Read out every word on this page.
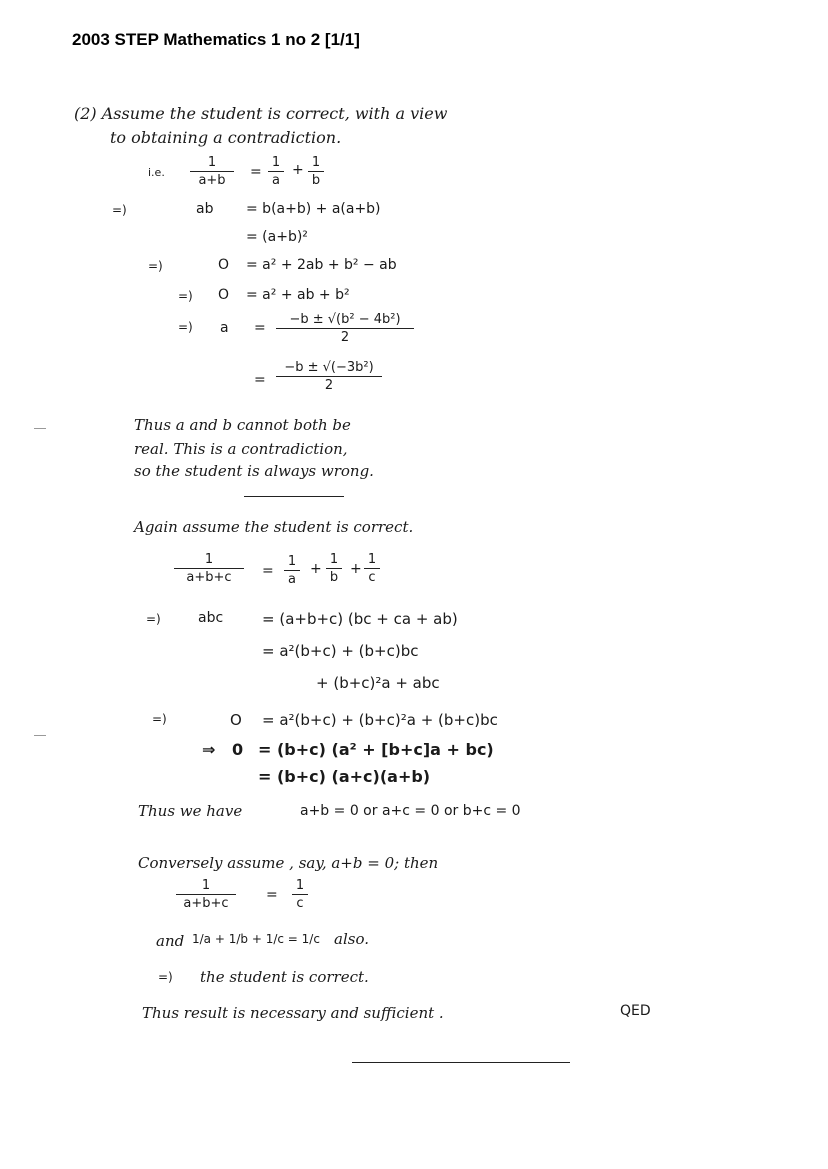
2003 STEP Mathematics 1 no 2 [1/1]
(2) Assume the student is correct, with a view
to obtaining a contradiction.
i.e. $\frac{1}{a+b} = \frac{1}{a} + \frac{1}{b}$
=)	ab = b(a+b) + a(a+b)
= (a+b)²
=)	O = a² + 2ab + b² − ab
=) O = a² + ab + b²
=) $a = \frac{\text{−b ± √(b² − 4b²)}}{2}$
= $\frac{\text{−b ± √(−3b²)}}{2}$
Thus a and b cannot both be
real. This is a contradiction,
so the student is always wrong.
Again assume the student is correct.
$\frac{1}{a+b+c} = \frac{1}{a} + \frac{1}{b} + \frac{1}{c}$
=)	abc	= (a+b+c) (bc + ca + ab)
= a²(b+c) + (b+c)bc
+ (b+c)²a + abc
=)	O = a²(b+c) + (b+c)²a + (b+c)bc
⇒ 0 = (b+c) (a² + [b+c]a + bc)
= (b+c) (a+c)(a+b)
Thus we have	a+b = 0 or a+c = 0 or b+c = 0
Conversely assume , say, a+b = 0; then
$\frac{1}{a+b+c} = \frac{1}{c}$
and 1/a + 1/b + 1/c = 1/c also.
=) the student is correct.
Thus result is necessary and sufficient .	QED
